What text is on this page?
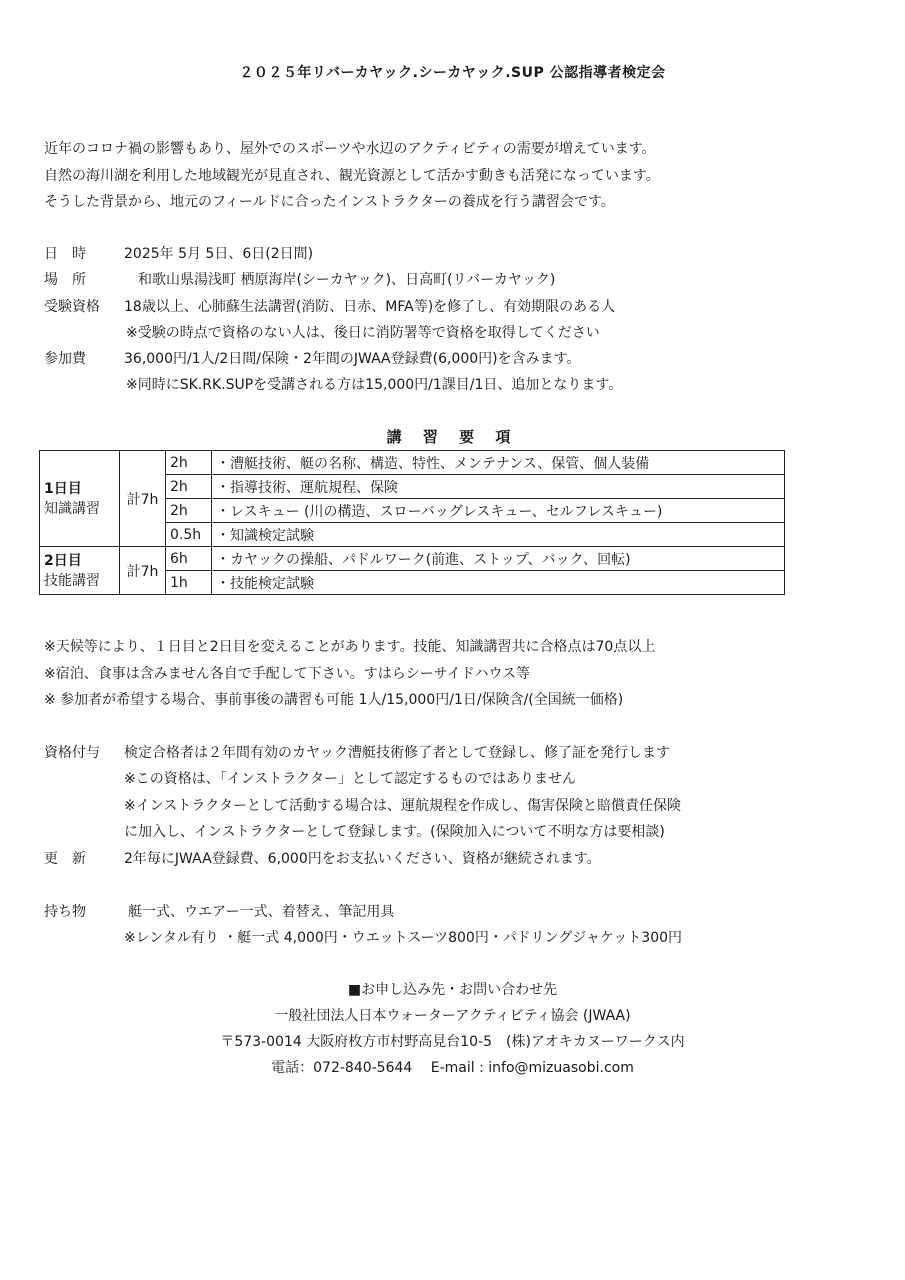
２０２５年リバーカヤック.シーカヤック.SUP 公認指導者検定会
近年のコロナ禍の影響もあり、屋外でのスポーツや水辺のアクティビティの需要が増えています。
自然の海川湖を利用した地域観光が見直され、観光資源として活かす動きも活発になっています。
そうした背景から、地元のフィールドに合ったインストラクターの養成を行う講習会です。
日　時	2025年 5月 5日、6日(2日間)
場　所	和歌山県湯浅町 栖原海岸(シーカヤック)、日高町(リバーカヤック)
受験資格 18歳以上、心肺蘇生法講習(消防、日赤、MFA等)を修了し、有効期限のある人
※受験の時点で資格のない人は、後日に消防署等で資格を取得してください
参加費	36,000円/1人/2日間/保険・2年間のJWAA登録費(6,000円)を含みます。
※同時にSK.RK.SUPを受講される方は15,000円/1課目/1日、追加となります。
講 習 要 項
1日目
知識講習	計7h	2h	・漕艇技術、艇の名称、構造、特性、メンテナンス、保管、個人装備
		2h	・指導技術、運航規程、保険
		2h	・レスキュー (川の構造、スローバッグレスキュー、セルフレスキュー)
		0.5h	・知識検定試験

2日目
技能講習	計7h	6h	・カヤックの操船、パドルワーク(前進、ストップ、バック、回転)
		1h	・技能検定試験
※天候等により、１日目と2日目を変えることがあります。技能、知識講習共に合格点は70点以上
※宿泊、食事は含みません各自で手配して下さい。すはらシーサイドハウス等
※ 参加者が希望する場合、事前事後の講習も可能 1人/15,000円/1日/保険含/(全国統一価格)
資格付与 検定合格者は２年間有効のカヤック漕艇技術修了者として登録し、修了証を発行します
※この資格は、「インストラクター」として認定するものではありません
※インストラクターとして活動する場合は、運航規程を作成し、傷害保険と賠償責任保険
に加入し、インストラクターとして登録します。(保険加入について不明な方は要相談)
更　新	2年毎にJWAA登録費、6,000円をお支払いください、資格が継続されます。
持ち物	艇一式、ウエアー一式、着替え、筆記用具
※レンタル有り ・艇一式 4,000円・ウエットスーツ800円・パドリングジャケット300円
■お申し込み先・お問い合わせ先
一般社団法人日本ウォーターアクティビティ協会 (JWAA)
〒573-0014 大阪府枚方市村野高見台10-5　(株)アオキカヌーワークス内
電話：072-840-5644　 E-mail : info@mizuasobi.com
